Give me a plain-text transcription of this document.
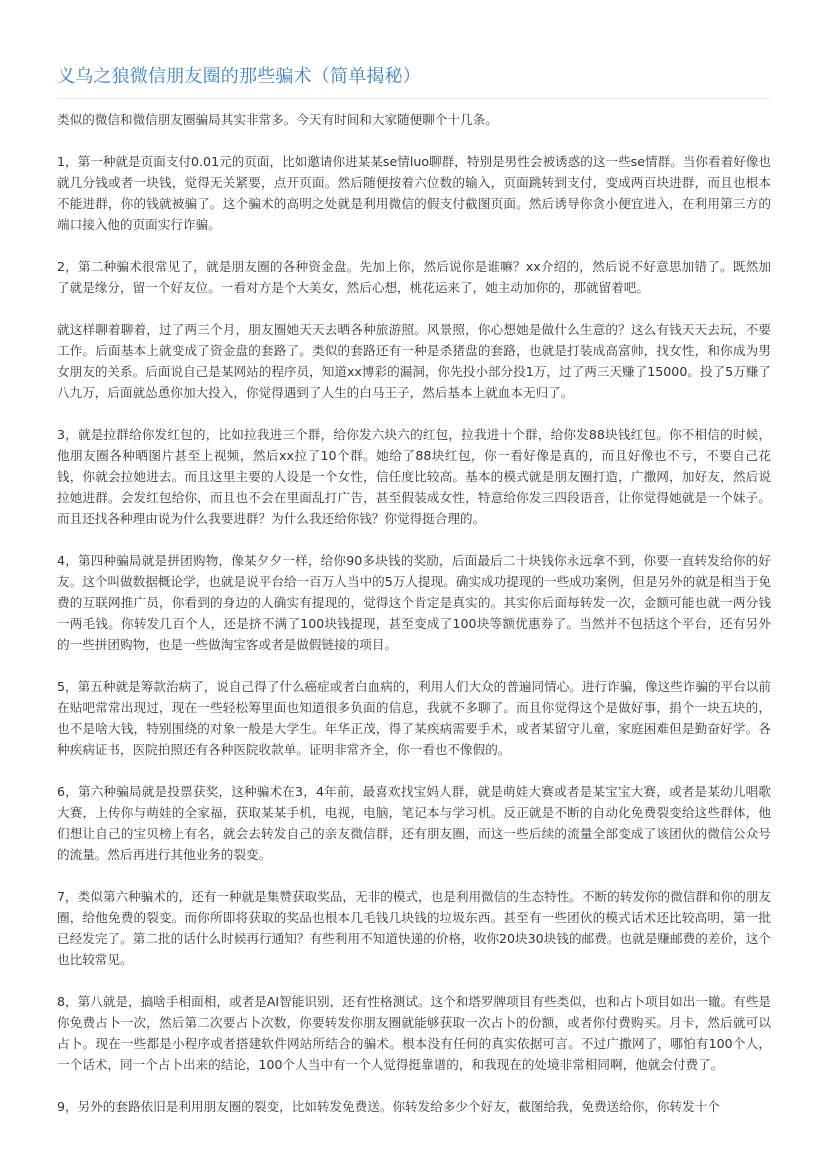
义乌之狼微信朋友圈的那些骗术（简单揭秘）

类似的微信和微信朋友圈骗局其实非常多。今天有时间和大家随便聊个十几条。

1，第一种就是页面支付0.01元的页面，比如邀请你进某某se情luo聊群，特别是男性会被诱惑的这一些se情群。当你看着好像也就几分钱或者一块钱，觉得无关紧要，点开页面。然后随便按着六位数的输入，页面跳转到支付，变成两百块进群，而且也根本不能进群，你的钱就被骗了。这个骗术的高明之处就是利用微信的假支付截图页面。然后诱导你贪小便宜进入，在利用第三方的端口接入他的页面实行诈骗。

2，第二种骗术很常见了，就是朋友圈的各种资金盘。先加上你，然后说你是谁嘛？xx介绍的，然后说不好意思加错了。既然加了就是缘分，留一个好友位。一看对方是个大美女，然后心想，桃花运来了，她主动加你的，那就留着吧。

就这样聊着聊着，过了两三个月，朋友圈她天天去晒各种旅游照。风景照，你心想她是做什么生意的？这么有钱天天去玩，不要工作。后面基本上就变成了资金盘的套路了。类似的套路还有一种是杀猪盘的套路，也就是打装成高富帅，找女性，和你成为男女朋友的关系。后面说自己是某网站的程序员，知道xx博彩的漏洞，你先投小部分投1万，过了两三天赚了15000。投了5万赚了八九万，后面就怂恿你加大投入，你觉得遇到了人生的白马王子，然后基本上就血本无归了。

3，就是拉群给你发红包的，比如拉我进三个群，给你发六块六的红包，拉我进十个群，给你发88块钱红包。你不相信的时候，他朋友圈各种晒图片甚至上视频，然后xx拉了10个群。她给了88块红包，你一看好像是真的，而且好像也不亏，不要自己花钱，你就会拉她进去。而且这里主要的人设是一个女性，信任度比较高。基本的模式就是朋友圈打造，广撒网，加好友，然后说拉她进群。会发红包给你，而且也不会在里面乱打广告，甚至假装成女性，特意给你发三四段语音，让你觉得她就是一个妹子。而且还找各种理由说为什么我要进群？为什么我还给你钱？你觉得挺合理的。

4，第四种骗局就是拼团购物，像某夕夕一样，给你90多块钱的奖励，后面最后二十块钱你永远拿不到，你要一直转发给你的好友。这个叫做数据概论学，也就是说平台给一百万人当中的5万人提现。确实成功提现的一些成功案例，但是另外的就是相当于免费的互联网推广员，你看到的身边的人确实有提现的，觉得这个肯定是真实的。其实你后面每转发一次，金额可能也就一两分钱一两毛钱。你转发几百个人，还是挤不满了100块钱提现，甚至变成了100块等额优惠券了。当然并不包括这个平台，还有另外的一些拼团购物，也是一些做淘宝客或者是做假链接的项目。

5，第五种就是筹款治病了，说自己得了什么癌症或者白血病的，利用人们大众的普遍同情心。进行诈骗，像这些诈骗的平台以前在贴吧常常出现过，现在一些轻松筹里面也知道很多负面的信息，我就不多聊了。而且你觉得这个是做好事，捐个一块五块的，也不是啥大钱，特别围绕的对象一般是大学生。年华正茂，得了某疾病需要手术，或者某留守儿童，家庭困难但是勤奋好学。各种疾病证书，医院拍照还有各种医院收款单。证明非常齐全，你一看也不像假的。

6，第六种骗局就是投票获奖，这种骗术在3，4年前，最喜欢找宝妈人群，就是萌娃大赛或者是某宝宝大赛，或者是某幼儿唱歌大赛，上传你与萌娃的全家福，获取某某手机，电视，电脑，笔记本与学习机。反正就是不断的自动化免费裂变给这些群体，他们想让自己的宝贝榜上有名，就会去转发自己的亲友微信群，还有朋友圈，而这一些后续的流量全部变成了该团伙的微信公众号的流量。然后再进行其他业务的裂变。

7，类似第六种骗术的，还有一种就是集赞获取奖品，无非的模式，也是利用微信的生态特性。不断的转发你的微信群和你的朋友圈，给他免费的裂变。而你所即将获取的奖品也根本几毛钱几块钱的垃圾东西。甚至有一些团伙的模式话术还比较高明，第一批已经发完了。第二批的话什么时候再行通知？有些利用不知道快递的价格，收你20块30块钱的邮费。也就是赚邮费的差价，这个也比较常见。

8，第八就是，搞啥手相面相，或者是AI智能识别，还有性格测试。这个和塔罗牌项目有些类似，也和占卜项目如出一辙。有些是你免费占卜一次，然后第二次要占卜次数，你要转发你朋友圈就能够获取一次占卜的份额，或者你付费购买。月卡，然后就可以占卜。现在一些都是小程序或者搭建软件网站所结合的骗术。根本没有任何的真实依据可言。不过广撒网了，哪怕有100个人，一个话术，同一个占卜出来的结论，100个人当中有一个人觉得挺靠谱的，和我现在的处境非常相同啊，他就会付费了。

9，另外的套路依旧是利用朋友圈的裂变，比如转发免费送。你转发给多少个好友，截图给我，免费送给你，你转发十个
